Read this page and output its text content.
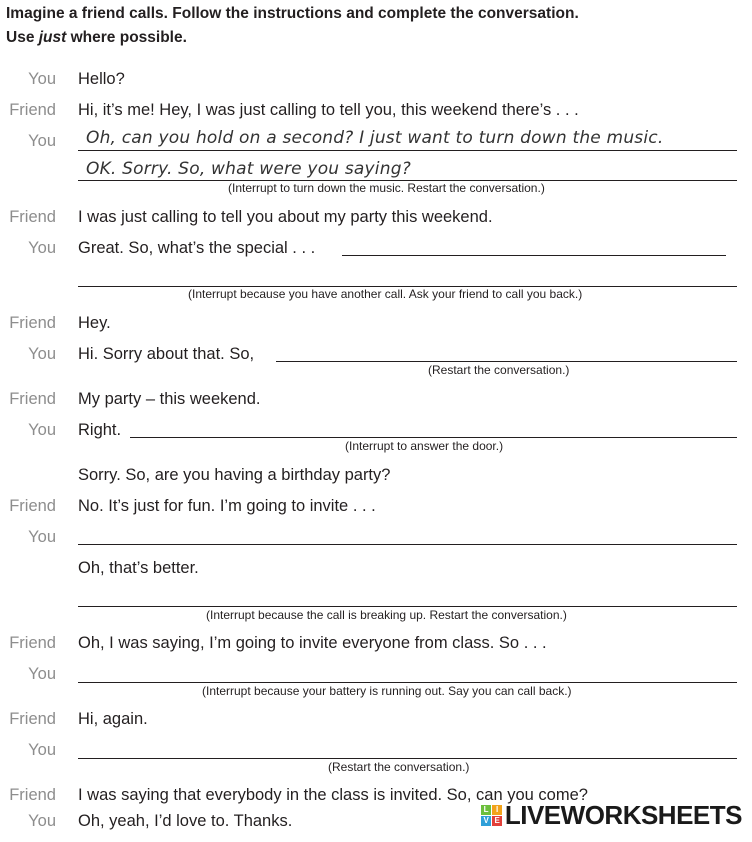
Imagine a friend calls. Follow the instructions and complete the conversation.
Use just where possible.
You Hello?
Friend Hi, it’s me! Hey, I was just calling to tell you, this weekend there’s . . .
You Oh, can you hold on a second? I just want to turn down the music.
OK. Sorry. So, what were you saying?
(Interrupt to turn down the music. Restart the conversation.)
Friend I was just calling to tell you about my party this weekend.
You Great. So, what’s the special . . .
(Interrupt because you have another call. Ask your friend to call you back.)
Friend Hey.
You Hi. Sorry about that. So,
(Restart the conversation.)
Friend My party – this weekend.
You Right.
(Interrupt to answer the door.)
Sorry. So, are you having a birthday party?
Friend No. It’s just for fun. I’m going to invite . . .
You
Oh, that’s better.
(Interrupt because the call is breaking up. Restart the conversation.)
Friend Oh, I was saying, I’m going to invite everyone from class. So . . .
You
(Interrupt because your battery is running out. Say you can call back.)
Friend Hi, again.
You
(Restart the conversation.)
Friend I was saying that everybody in the class is invited. So, can you come?
You Oh, yeah, I’d love to. Thanks.
L I
V E LIVEWORKSHEETS
